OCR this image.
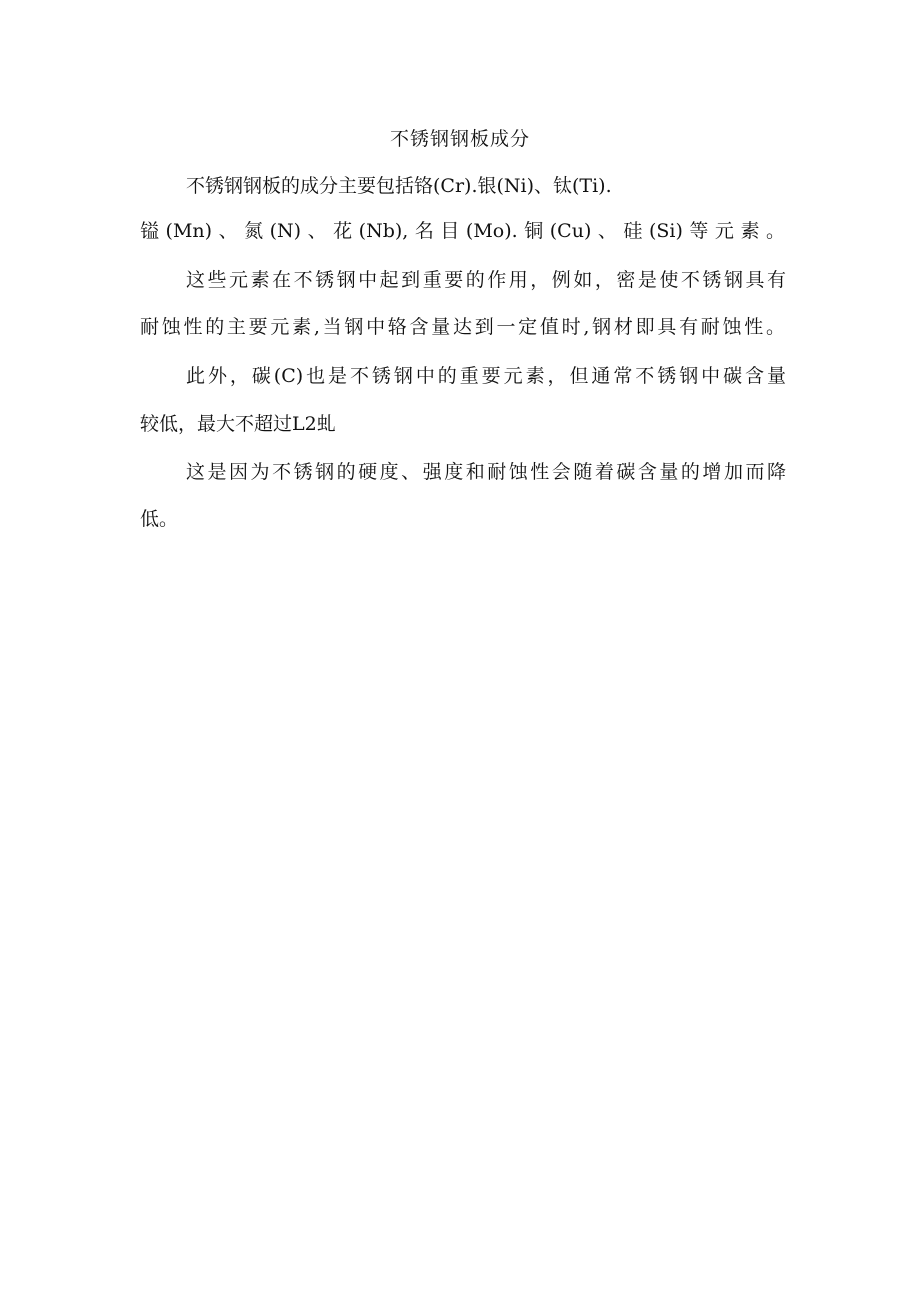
不锈钢钢板成分
不锈钢钢板的成分主要包括铬(Cr).银(Ni)、钛(Ti).
镒(Mn)、氮(N)、花(Nb),名目(Mo).铜(Cu)、硅(Si)等元素。
这些元素在不锈钢中起到重要的作用，例如，密是使不锈钢具有
耐蚀性的主要元素,当钢中辂含量达到一定值时,钢材即具有耐蚀性。
此外，碳(C)也是不锈钢中的重要元素，但通常不锈钢中碳含量
较低，最大不超过L2虬
这是因为不锈钢的硬度、强度和耐蚀性会随着碳含量的增加而降
低。
